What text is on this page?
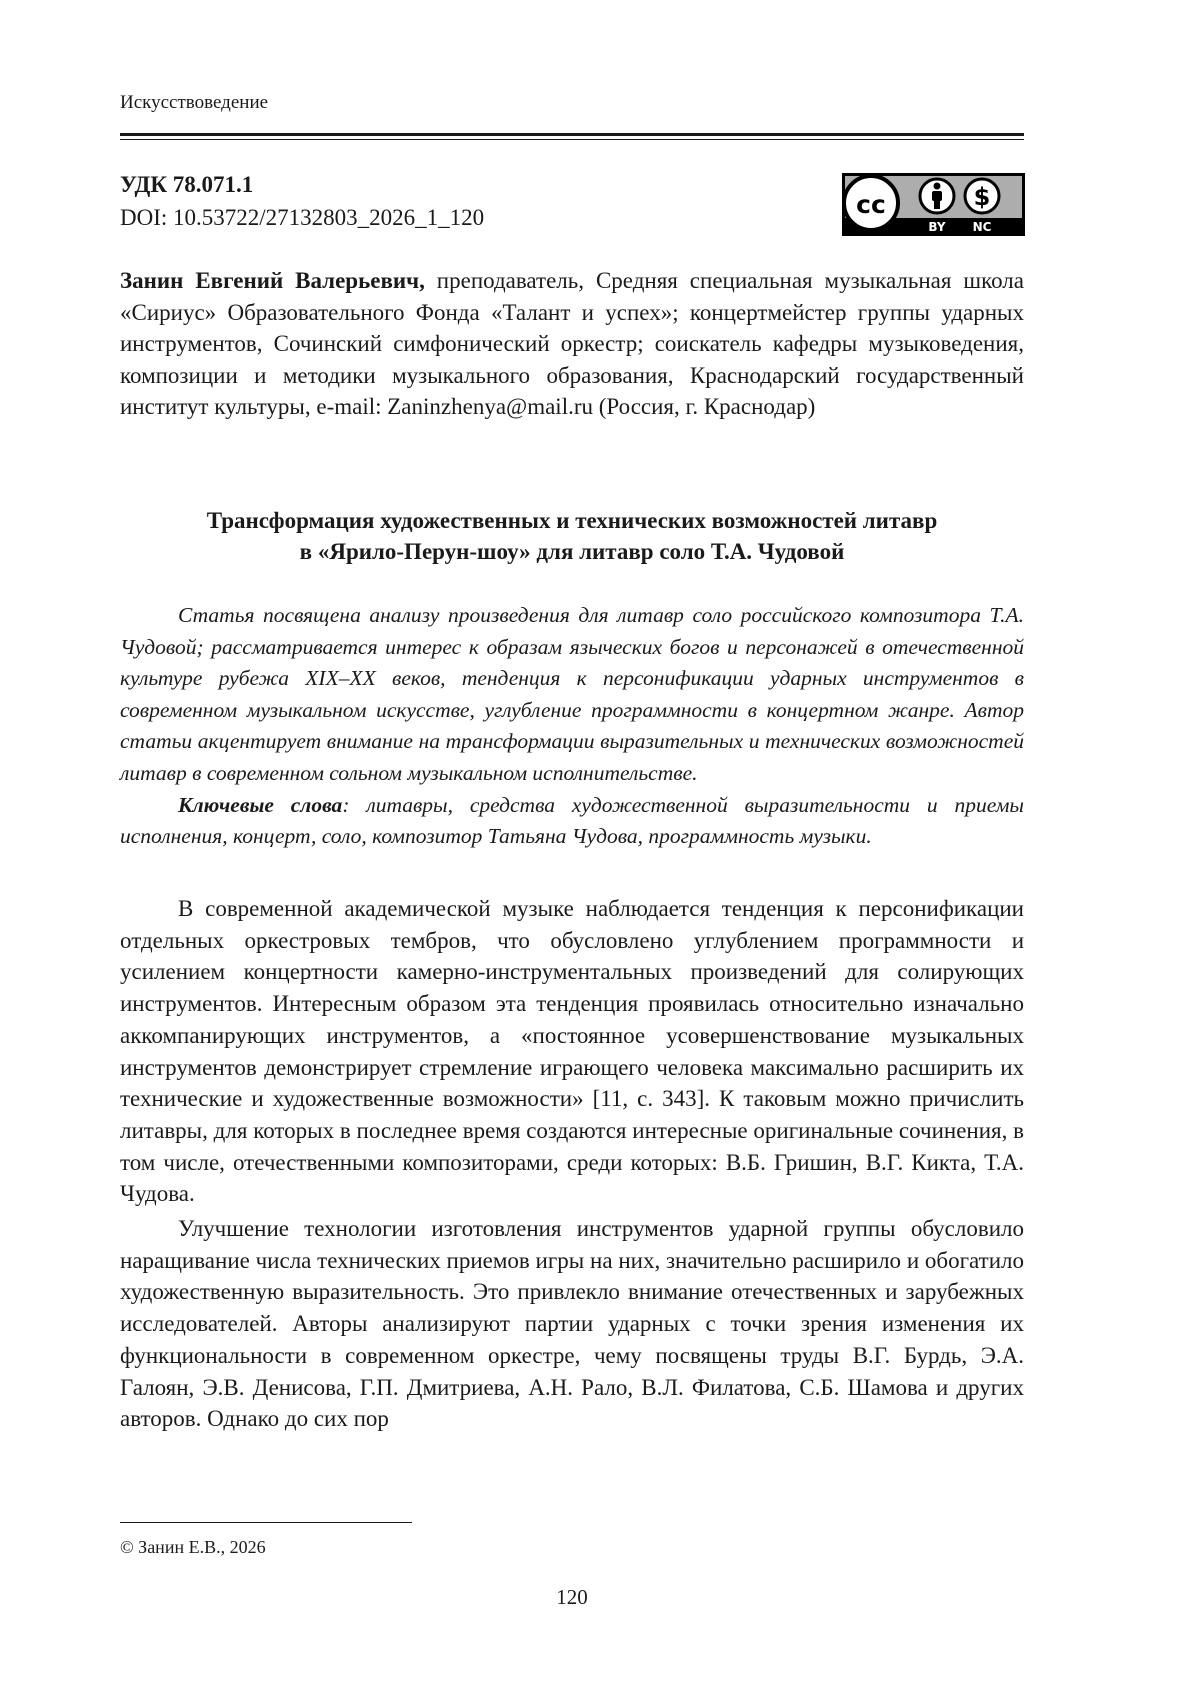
Искусствоведение
УДК 78.071.1
DOI: 10.53722/27132803_2026_1_120	cc	$
BY NC
Занин Евгений Валерьевич, преподаватель, Средняя специальная музыкальная школа «Сириус» Образовательного Фонда «Талант и успех»; концертмейстер группы ударных инструментов, Сочинский симфонический оркестр; соискатель кафедры музыковедения, композиции и методики музыкального образования, Краснодарский государственный институт культуры, e-mail: Zaninzhenya@mail.ru (Россия, г. Краснодар)
Трансформация художественных и технических возможностей литавр
в «Ярило-Перун-шоу» для литавр соло Т.А. Чудовой

Статья посвящена анализу произведения для литавр соло российского композитора Т.А. Чудовой; рассматривается интерес к образам языческих богов и персонажей в отечественной культуре рубежа XIX–XX веков, тенденция к персонификации ударных инструментов в современном музыкальном искусстве, углубление программности в концертном жанре. Автор статьи акцентирует внимание на трансформации выразительных и технических возможностей литавр в современном сольном музыкальном исполнительстве.

Ключевые слова: литавры, средства художественной выразительности и приемы исполнения, концерт, соло, композитор Татьяна Чудова, программность музыки.

В современной академической музыке наблюдается тенденция к персонификации отдельных оркестровых тембров, что обусловлено углублением программности и усилением концертности камерно-инструментальных произведений для солирующих инструментов. Интересным образом эта тенденция проявилась относительно изначально аккомпанирующих инструментов, а «постоянное усовершенствование музыкальных инструментов демонстрирует стремление играющего человека максимально расширить их технические и художественные возможности» [11, с. 343]. К таковым можно причислить литавры, для которых в последнее время создаются интересные оригинальные сочинения, в том числе, отечественными композиторами, среди которых: В.Б. Гришин, В.Г. Кикта, Т.А. Чудова.

Улучшение технологии изготовления инструментов ударной группы обусловило наращивание числа технических приемов игры на них, значительно расширило и обогатило художественную выразительность. Это привлекло внимание отечественных и зарубежных исследователей. Авторы анализируют партии ударных с точки зрения изменения их функциональности в современном оркестре, чему посвящены труды В.Г. Бурдь, Э.А. Галоян, Э.В. Денисова, Г.П. Дмитриева, А.Н. Рало, В.Л. Филатова, С.Б. Шамова и других авторов. Однако до сих пор

© Занин Е.В., 2026
120
